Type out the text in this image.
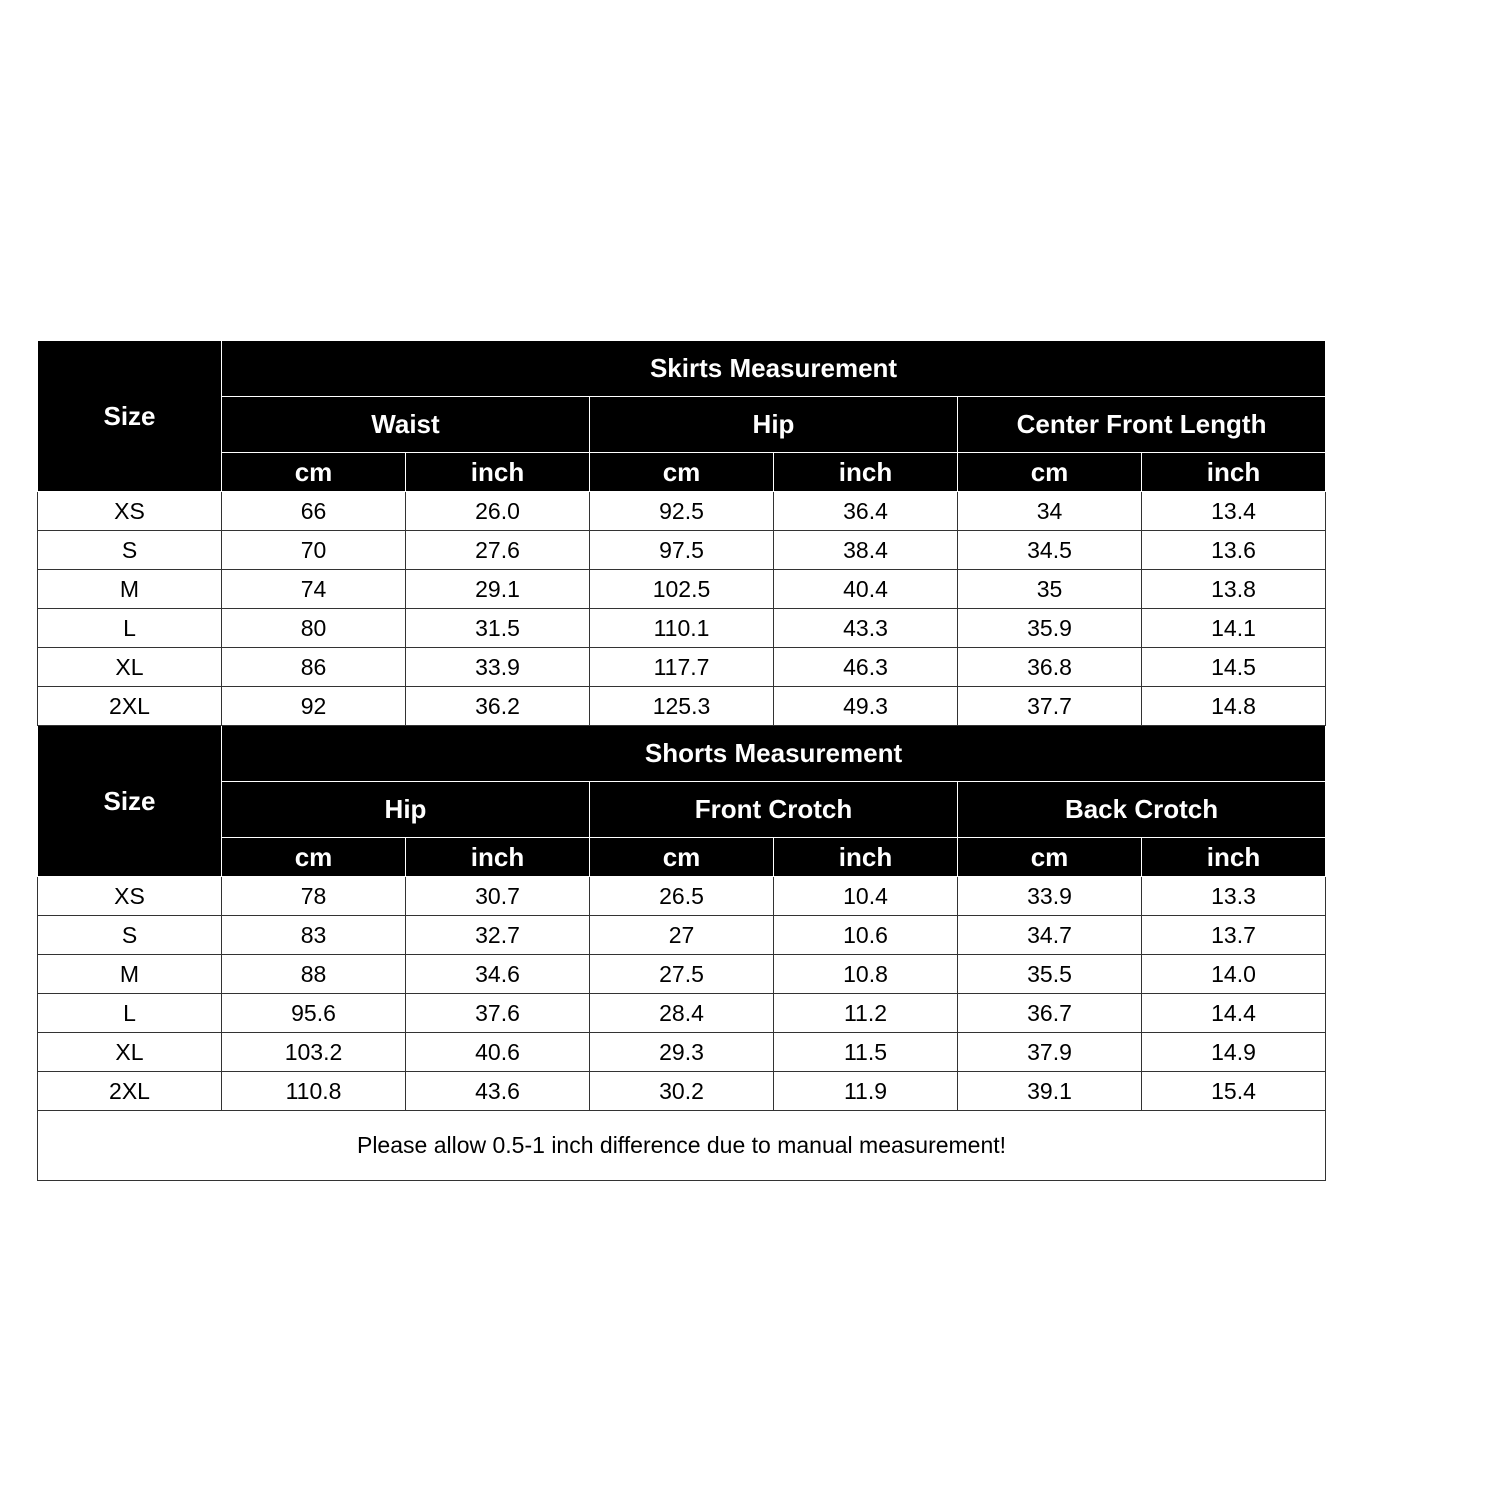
Size	Skirts Measurement					
	Waist		Hip		Center Front Length	
	cm	inch	cm	inch	cm	inch
XS	66	26.0	92.5	36.4	34	13.4
S	70	27.6	97.5	38.4	34.5	13.6
M	74	29.1	102.5	40.4	35	13.8
L	80	31.5	110.1	43.3	35.9	14.1
XL	86	33.9	117.7	46.3	36.8	14.5
2XL	92	36.2	125.3	49.3	37.7	14.8
Size	Shorts Measurement					
	Hip		Front Crotch		Back Crotch	
	cm	inch	cm	inch	cm	inch
XS	78	30.7	26.5	10.4	33.9	13.3
S	83	32.7	27	10.6	34.7	13.7
M	88	34.6	27.5	10.8	35.5	14.0
L	95.6	37.6	28.4	11.2	36.7	14.4
XL	103.2	40.6	29.3	11.5	37.9	14.9
2XL	110.8	43.6	30.2	11.9	39.1	15.4
Please allow 0.5-1 inch difference due to manual measurement!						
